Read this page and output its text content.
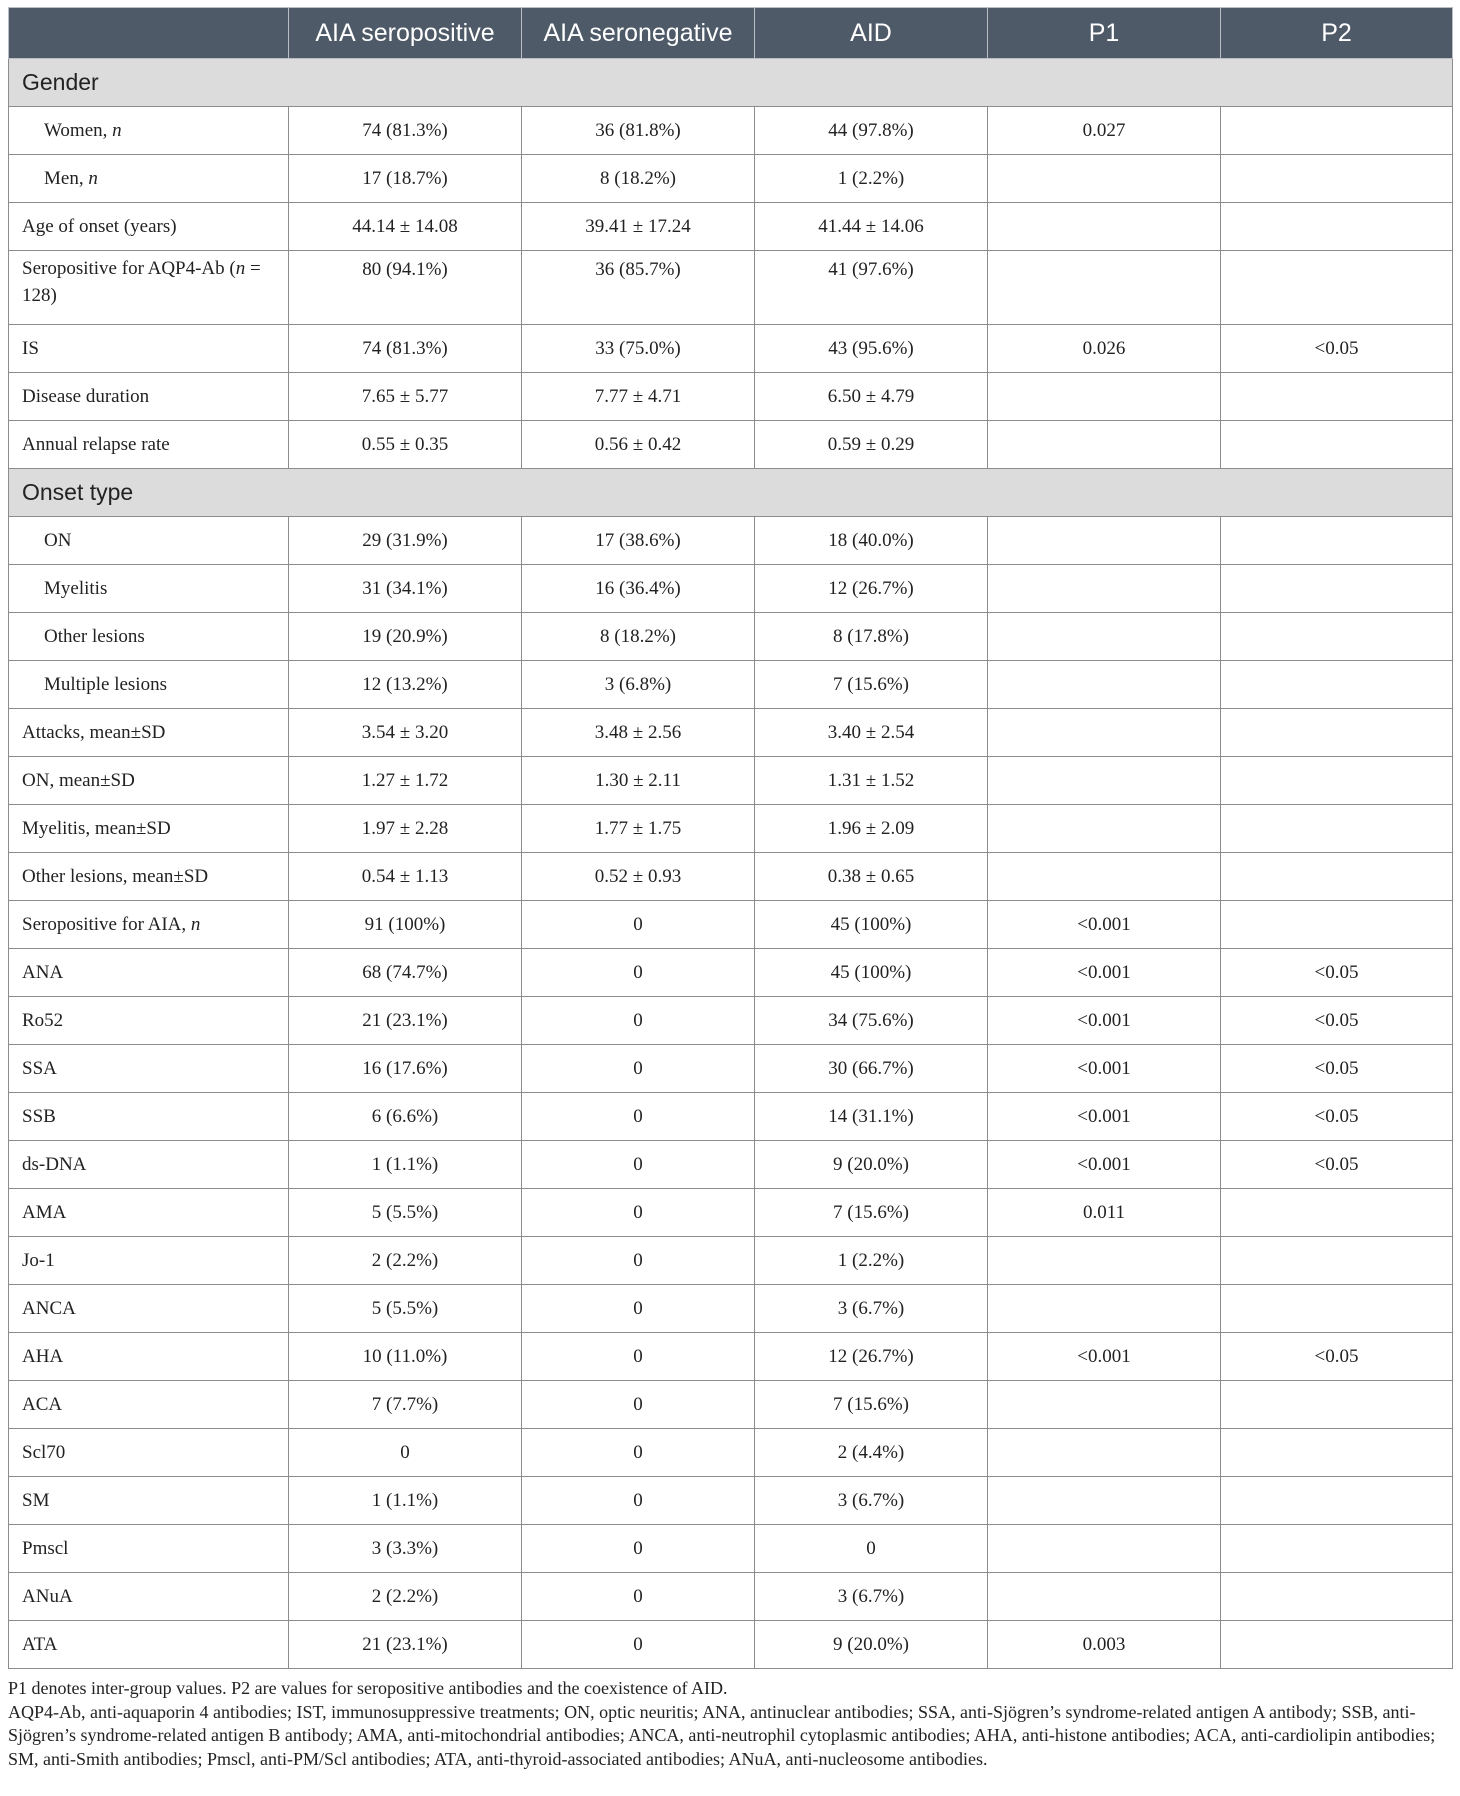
	AIA seropositive	AIA seronegative	AID	P1	P2
Gender					
Women, n	74 (81.3%)	36 (81.8%)	44 (97.8%)	0.027	
Men, n	17 (18.7%)	8 (18.2%)	1 (2.2%)		
Age of onset (years)	44.14 ± 14.08	39.41 ± 17.24	41.44 ± 14.06		
Seropositive for AQP4-Ab (n = 128)	80 (94.1%)	36 (85.7%)	41 (97.6%)		
IS	74 (81.3%)	33 (75.0%)	43 (95.6%)	0.026	<0.05
Disease duration	7.65 ± 5.77	7.77 ± 4.71	6.50 ± 4.79		
Annual relapse rate	0.55 ± 0.35	0.56 ± 0.42	0.59 ± 0.29		
Onset type					
ON	29 (31.9%)	17 (38.6%)	18 (40.0%)		
Myelitis	31 (34.1%)	16 (36.4%)	12 (26.7%)		
Other lesions	19 (20.9%)	8 (18.2%)	8 (17.8%)		
Multiple lesions	12 (13.2%)	3 (6.8%)	7 (15.6%)		
Attacks, mean±SD	3.54 ± 3.20	3.48 ± 2.56	3.40 ± 2.54		
ON, mean±SD	1.27 ± 1.72	1.30 ± 2.11	1.31 ± 1.52		
Myelitis, mean±SD	1.97 ± 2.28	1.77 ± 1.75	1.96 ± 2.09		
Other lesions, mean±SD	0.54 ± 1.13	0.52 ± 0.93	0.38 ± 0.65		
Seropositive for AIA, n	91 (100%)	0	45 (100%)	<0.001	
ANA	68 (74.7%)	0	45 (100%)	<0.001	<0.05
Ro52	21 (23.1%)	0	34 (75.6%)	<0.001	<0.05
SSA	16 (17.6%)	0	30 (66.7%)	<0.001	<0.05
SSB	6 (6.6%)	0	14 (31.1%)	<0.001	<0.05
ds-DNA	1 (1.1%)	0	9 (20.0%)	<0.001	<0.05
AMA	5 (5.5%)	0	7 (15.6%)	0.011	
Jo-1	2 (2.2%)	0	1 (2.2%)		
ANCA	5 (5.5%)	0	3 (6.7%)		
AHA	10 (11.0%)	0	12 (26.7%)	<0.001	<0.05
ACA	7 (7.7%)	0	7 (15.6%)		
Scl70	0	0	2 (4.4%)		
SM	1 (1.1%)	0	3 (6.7%)		
Pmscl	3 (3.3%)	0	0		
ANuA	2 (2.2%)	0	3 (6.7%)		
ATA	21 (23.1%)	0	9 (20.0%)	0.003	

P1 denotes inter-group values. P2 are values for seropositive antibodies and the coexistence of AID.

AQP4-Ab, anti-aquaporin 4 antibodies; IST, immunosuppressive treatments; ON, optic neuritis; ANA, antinuclear antibodies; SSA, anti-Sjögren’s syndrome-related antigen A antibody; SSB, anti-Sjögren’s syndrome-related antigen B antibody; AMA, anti-mitochondrial antibodies; ANCA, anti-neutrophil cytoplasmic antibodies; AHA, anti-histone antibodies; ACA, anti-cardiolipin antibodies; SM, anti-Smith antibodies; Pmscl, anti-PM/Scl antibodies; ATA, anti-thyroid-associated antibodies; ANuA, anti-nucleosome antibodies.
